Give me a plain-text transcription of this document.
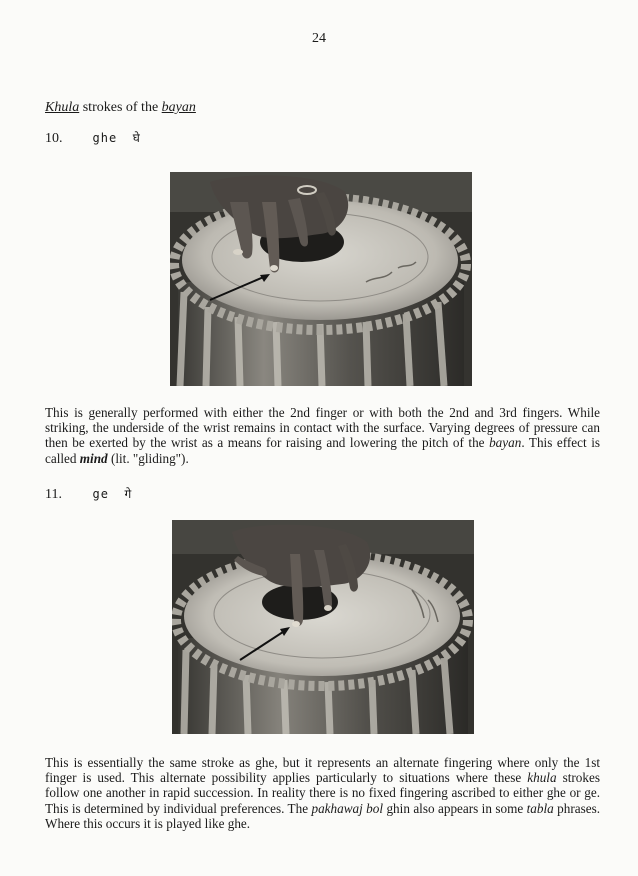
24
Khula strokes of the bayan
10.	ghe घे

This is generally performed with either the 2nd finger or with both the 2nd and 3rd fingers. While striking, the underside of the wrist remains in contact with the surface. Varying degrees of pressure can then be exerted by the wrist as a means for raising and lowering the pitch of the bayan. This effect is called mind (lit. "gliding").

11.	ge गे

This is essentially the same stroke as ghe, but it represents an alternate fingering where only the 1st finger is used. This alternate possibility applies particularly to situations where these khula strokes follow one another in rapid succession. In reality there is no fixed fingering ascribed to either ghe or ge. This is determined by individual preferences. The pakhawaj bol ghin also appears in some tabla phrases. Where this occurs it is played like ghe.
